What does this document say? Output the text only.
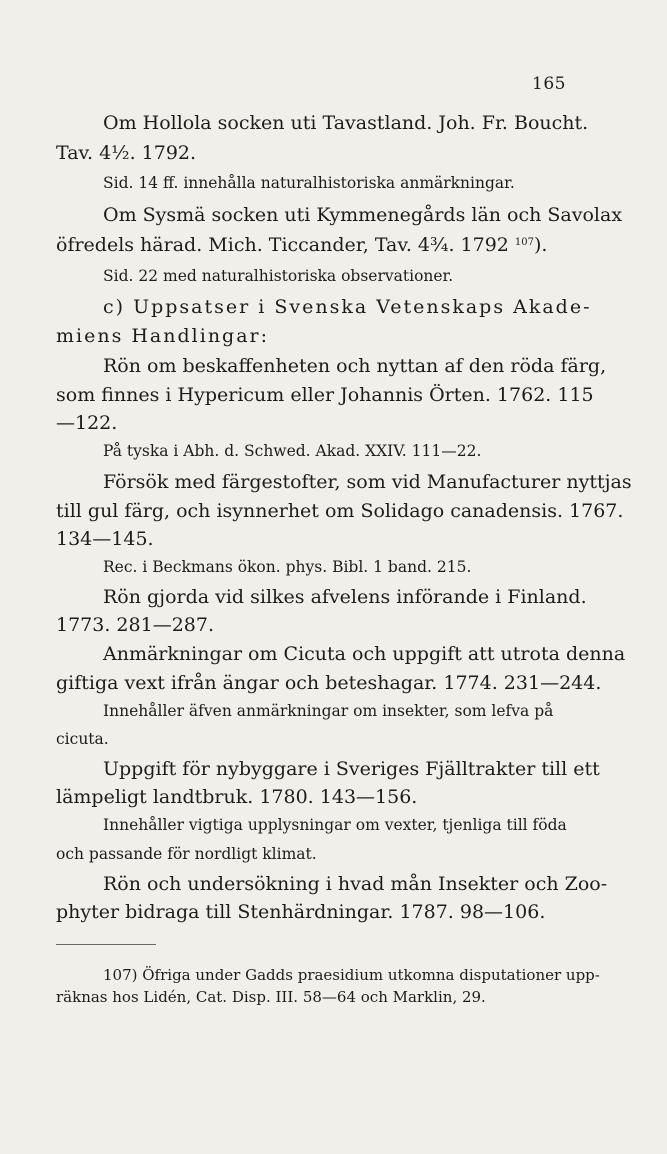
165
Om Hollola socken uti Tavastland. Joh. Fr. Boucht.
Tav. 4½. 1792.
Sid. 14 ff. innehålla naturalhistoriska anmärkningar.
Om Sysmä socken uti Kymmenegårds län och Savolax
öfredels härad. Mich. Ticcander, Tav. 4¾. 1792 $^{107}$).
Sid. 22 med naturalhistoriska observationer.
c) Uppsatser i Svenska Vetenskaps Akade-
miens Handlingar:
Rön om beskaffenheten och nyttan af den röda färg,
som finnes i Hypericum eller Johannis Örten. 1762. 115
—122.
På tyska i Abh. d. Schwed. Akad. XXIV. 111—22.
Försök med färgestofter, som vid Manufacturer nyttjas
till gul färg, och isynnerhet om Solidago canadensis. 1767.
134—145.
Rec. i Beckmans ökon. phys. Bibl. 1 band. 215.
Rön gjorda vid silkes afvelens införande i Finland.
1773. 281—287.
Anmärkningar om Cicuta och uppgift att utrota denna
giftiga vext ifrån ängar och beteshagar. 1774. 231—244.
Innehåller äfven anmärkningar om insekter, som lefva på
cicuta.
Uppgift för nybyggare i Sveriges Fjälltrakter till ett
lämpeligt landtbruk. 1780. 143—156.
Innehåller vigtiga upplysningar om vexter, tjenliga till föda
och passande för nordligt klimat.
Rön och undersökning i hvad mån Insekter och Zoo-
phyter bidraga till Stenhärdningar. 1787. 98—106.
107) Öfriga under Gadds praesidium utkomna disputationer upp-
räknas hos Lidén, Cat. Disp. III. 58—64 och Marklin, 29.
